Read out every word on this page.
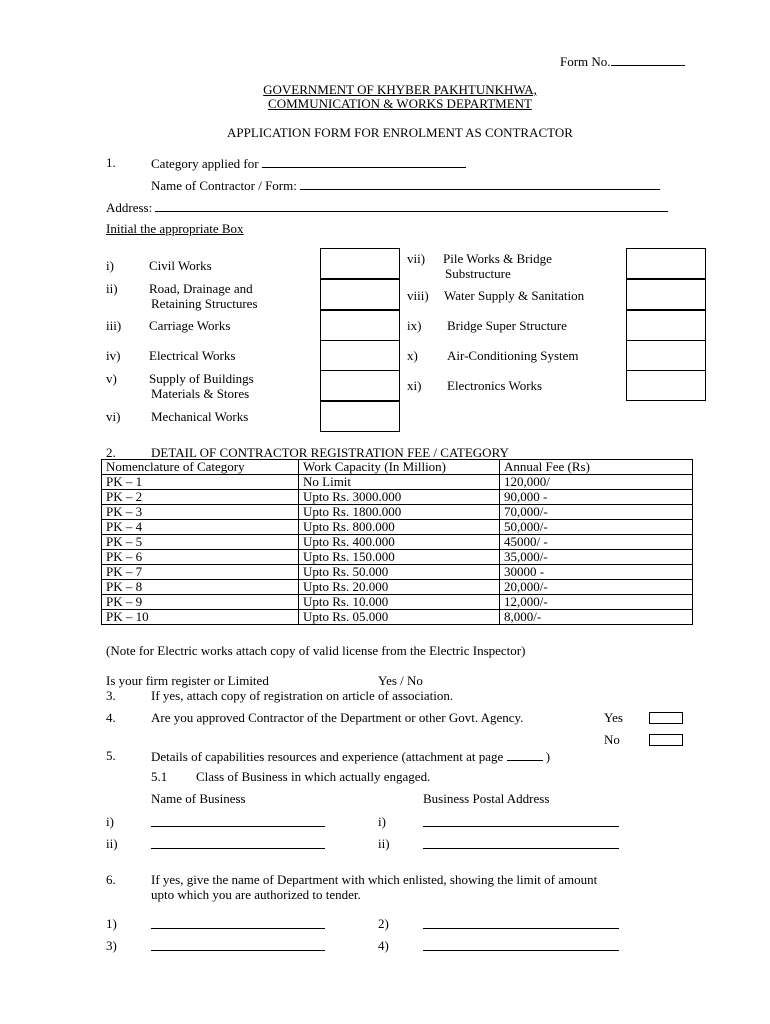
Form No.
GOVERNMENT OF KHYBER PAKHTUNKHWA,
COMMUNICATION & WORKS DEPARTMENT
APPLICATION FORM FOR ENROLMENT AS CONTRACTOR
1.	Category applied for
Name of Contractor / Form:
Address:
Initial the appropriate Box
i)	Civil Works
ii) Road, Drainage and
Retaining Structures
iii) Carriage Works
iv) Electrical Works
v) Supply of Buildings
Materials & Stores
vi) Mechanical Works
vii) Pile Works & Bridge
Substructure
viii) Water Supply & Sanitation
ix) Bridge Super Structure
x) Air-Conditioning System
xi) Electronics Works
2.	DETAIL OF CONTRACTOR REGISTRATION FEE / CATEGORY
Nomenclature of Category	Work Capacity (In Million)	Annual Fee (Rs)
PK – 1	No Limit	120,000/
PK – 2	Upto Rs. 3000.000	90,000 -
PK – 3	Upto Rs. 1800.000	70,000/-
PK – 4	Upto Rs. 800.000	50,000/-
PK – 5	Upto Rs. 400.000	45000/ -
PK – 6	Upto Rs. 150.000	35,000/-
PK – 7	Upto Rs. 50.000	30000 -
PK – 8	Upto Rs. 20.000	20,000/-
PK – 9	Upto Rs. 10.000	12,000/-
PK – 10	Upto Rs. 05.000	8,000/-
(Note for Electric works attach copy of valid license from the Electric Inspector)
Is your firm register or Limited	Yes / No
3.	If yes, attach copy of registration on article of association.
4.	Are you approved Contractor of the Department or other Govt. Agency.	Yes
No
5.	Details of capabilities resources and experience (attachment at page	)
5.1 Class of Business in which actually engaged.
Name of Business	Business Postal Address
i)	i)
ii)	ii)
6.	If yes, give the name of Department with which enlisted, showing the limit of amount
upto which you are authorized to tender.
1)	2)
3)	4)
